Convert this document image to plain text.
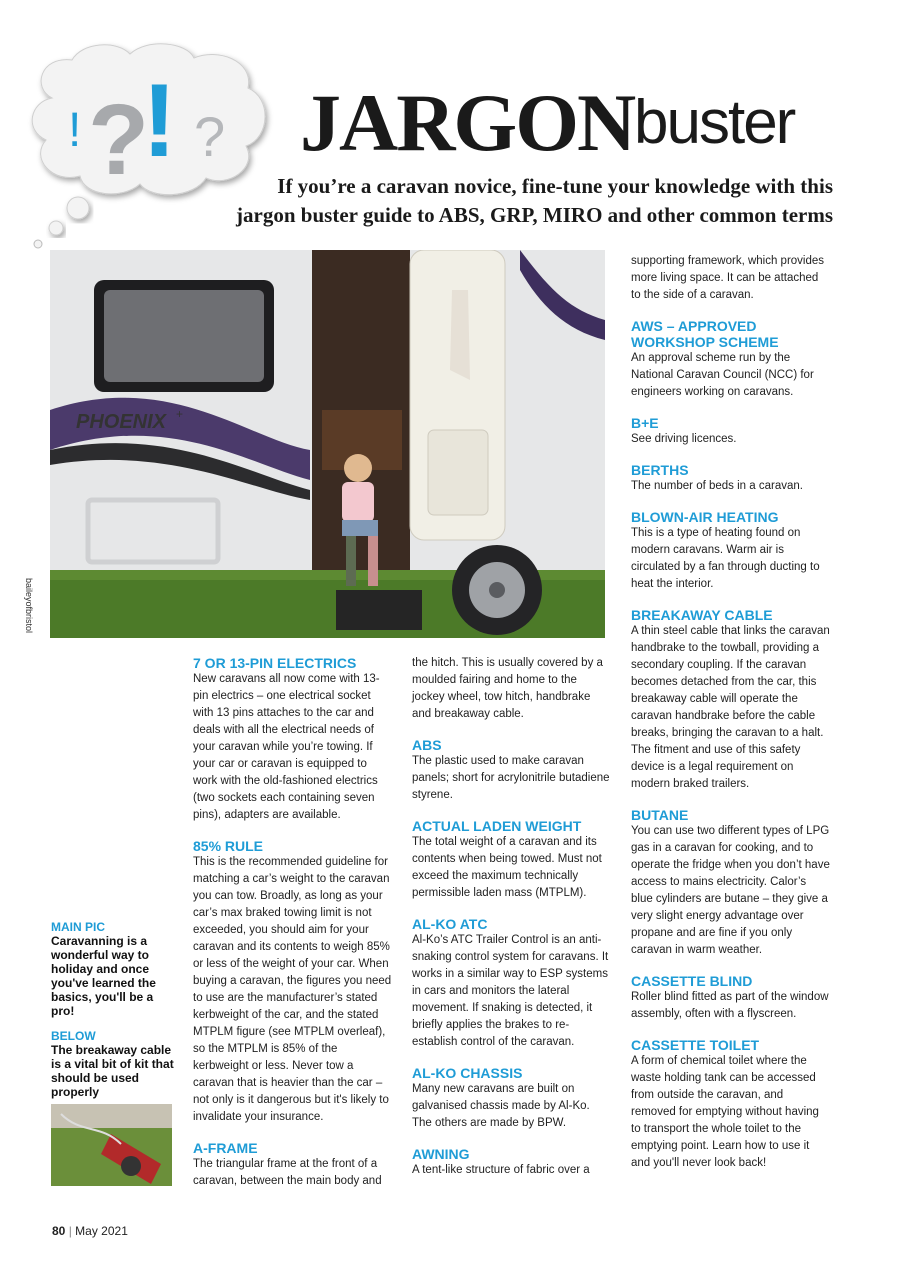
! ?
! ? JARGON buster
If you’re a caravan novice, fine-tune your knowledge with this
jargon buster guide to ABS, GRP, MIRO and other common terms
PHOENIX +
baileyofbristol
7 OR 13-PIN ELECTRICS

New caravans all now come with 13-pin electrics – one electrical socket with 13 pins attaches to the car and deals with all the electrical needs of your caravan while you’re towing. If your car or caravan is equipped to work with the old-fashioned electrics (two sockets each containing seven pins), adapters are available.

85% RULE

This is the recommended guideline for matching a car’s weight to the caravan you can tow. Broadly, as long as your car’s max braked towing limit is not exceeded, you should aim for your caravan and its contents to weigh 85% or less of the weight of your car. When buying a caravan, the figures you need to use are the manufacturer’s stated kerbweight of the car, and the stated MTPLM figure (see MTPLM overleaf), so the MTPLM is 85% of the kerbweight or less. Never tow a caravan that is heavier than the car – not only is it dangerous but it's likely to invalidate your insurance.

A-FRAME

The triangular frame at the front of a caravan, between the main body and

the hitch. This is usually covered by a moulded fairing and home to the jockey wheel, tow hitch, handbrake and breakaway cable.

ABS

The plastic used to make caravan panels; short for acrylonitrile butadiene styrene.

ACTUAL LADEN WEIGHT

The total weight of a caravan and its contents when being towed. Must not exceed the maximum technically permissible laden mass (MTPLM).

AL-KO ATC

Al-Ko’s ATC Trailer Control is an anti-snaking control system for caravans. It works in a similar way to ESP systems in cars and monitors the lateral movement. If snaking is detected, it briefly applies the brakes to re-establish control of the caravan.

AL-KO CHASSIS

Many new caravans are built on galvanised chassis made by Al-Ko. The others are made by BPW.

AWNING

A tent-like structure of fabric over a

supporting framework, which provides more living space. It can be attached to the side of a caravan.

AWS – APPROVED
WORKSHOP SCHEME

An approval scheme run by the National Caravan Council (NCC) for engineers working on caravans.

B+E

See driving licences.

BERTHS

The number of beds in a caravan.

BLOWN-AIR HEATING

This is a type of heating found on modern caravans. Warm air is circulated by a fan through ducting to heat the interior.

BREAKAWAY CABLE

A thin steel cable that links the caravan handbrake to the towball, providing a secondary coupling. If the caravan becomes detached from the car, this breakaway cable will operate the caravan handbrake before the cable breaks, bringing the caravan to a halt. The fitment and use of this safety device is a legal requirement on modern braked trailers.

BUTANE

You can use two different types of LPG gas in a caravan for cooking, and to operate the fridge when you don’t have access to mains electricity. Calor’s blue cylinders are butane – they give a very slight energy advantage over propane and are fine if you only caravan in warm weather.

CASSETTE BLIND

Roller blind fitted as part of the window assembly, often with a flyscreen.

CASSETTE TOILET

A form of chemical toilet where the waste holding tank can be accessed from outside the caravan, and removed for emptying without having to transport the whole toilet to the emptying point. Learn how to use it and you'll never look back!

MAIN PIC
Caravanning is a wonderful way to holiday and once you've learned the basics, you'll be a pro!
BELOW
The breakaway cable is a vital bit of kit that should be used properly
80 | May 2021
